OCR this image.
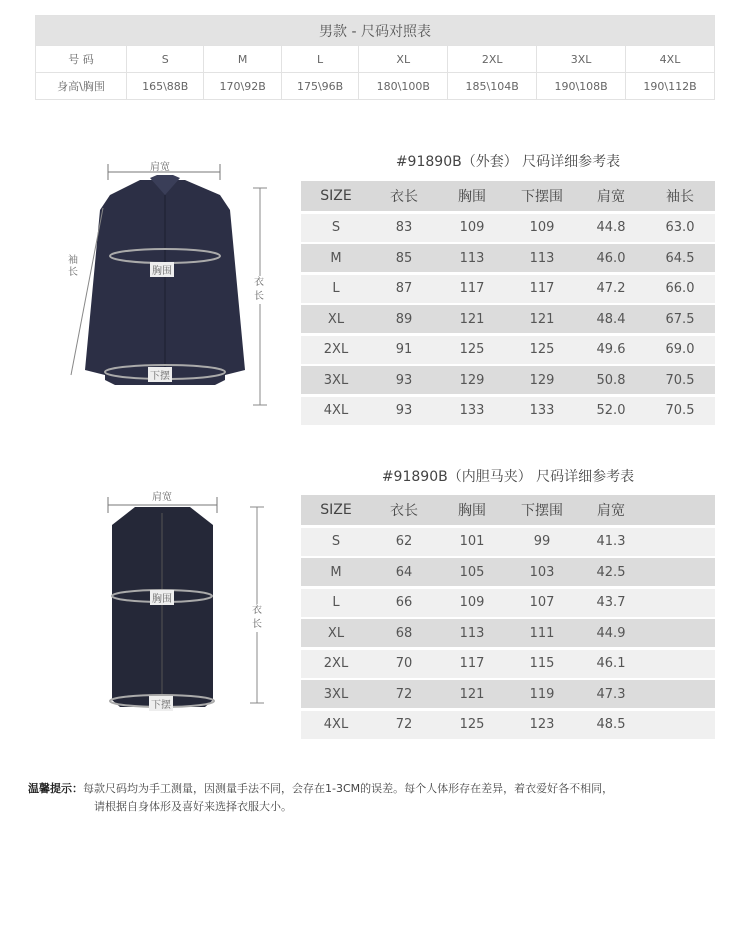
男款 - 尺码对照表							
号 码	S	M	L	XL	2XL	3XL	4XL
身高\胸围	165\88B	170\92B	175\96B	180\100B	185\104B	190\108B	190\112B
#91890B（外套） 尺码详细参考表
SIZE	衣长	胸围	下摆围	肩宽	袖长
S	83	109	109	44.8	63.0
M	85	113	113	46.0	64.5
L	87	117	117	47.2	66.0
XL	89	121	121	48.4	67.5
2XL	91	125	125	49.6	69.0
3XL	93	129	129	50.8	70.5
4XL	93	133	133	52.0	70.5
#91890B（内胆马夹） 尺码详细参考表
SIZE	衣长	胸围	下摆围	肩宽
S	62	101	99	41.3
M	64	105	103	42.5
L	66	109	107	43.7
XL	68	113	111	44.9
2XL	70	117	115	46.1
3XL	72	121	119	47.3
4XL	72	125	123	48.5
肩宽
胸围
下摆
袖长
衣长
肩宽
胸围
下摆
衣长
温馨提示：每款尺码均为手工测量，因测量手法不同，会存在1-3CM的误差。每个人体形存在差异，着衣爱好各不相同，
请根据自身体形及喜好来选择衣服大小。
